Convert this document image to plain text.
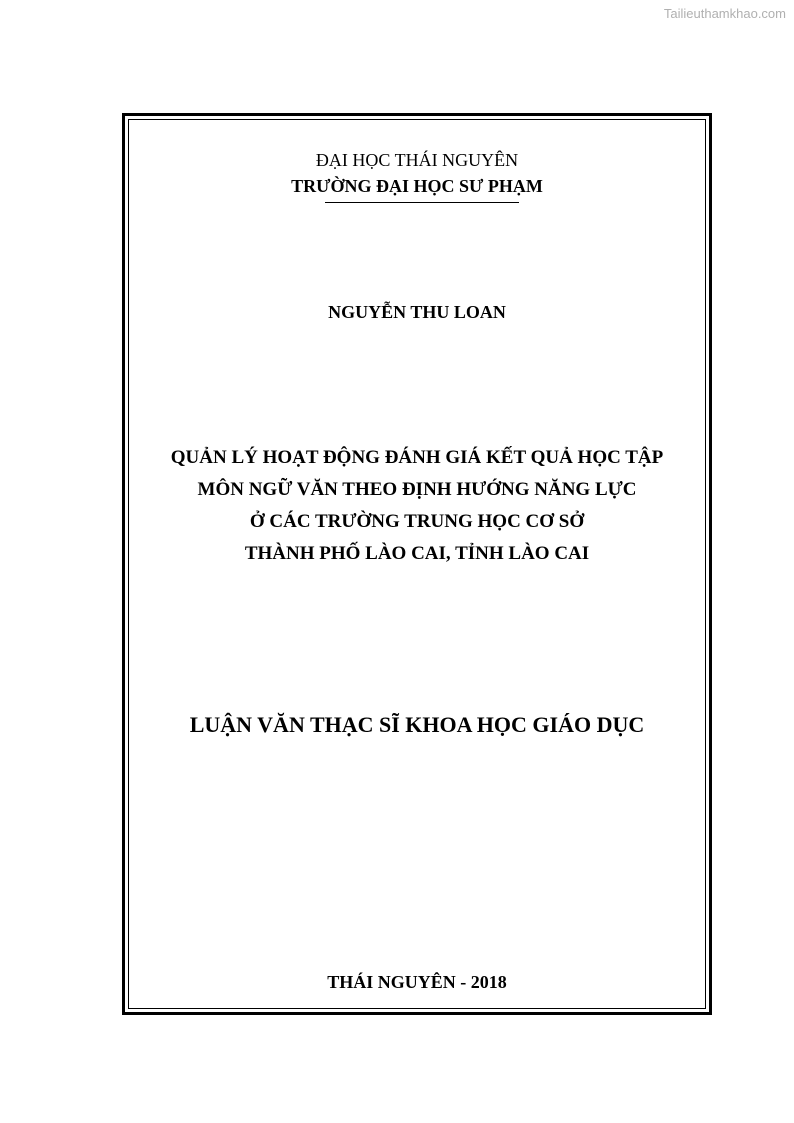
Tailieuthamkhao.com
ĐẠI HỌC THÁI NGUYÊN
TRƯỜNG ĐẠI HỌC SƯ PHẠM
NGUYỄN THU LOAN
QUẢN LÝ HOẠT ĐỘNG ĐÁNH GIÁ KẾT QUẢ HỌC TẬP
MÔN NGỮ VĂN THEO ĐỊNH HƯỚNG NĂNG LỰC
Ở CÁC TRƯỜNG TRUNG HỌC CƠ SỞ
THÀNH PHỐ LÀO CAI, TỈNH LÀO CAI
LUẬN VĂN THẠC SĨ KHOA HỌC GIÁO DỤC
THÁI NGUYÊN - 2018
